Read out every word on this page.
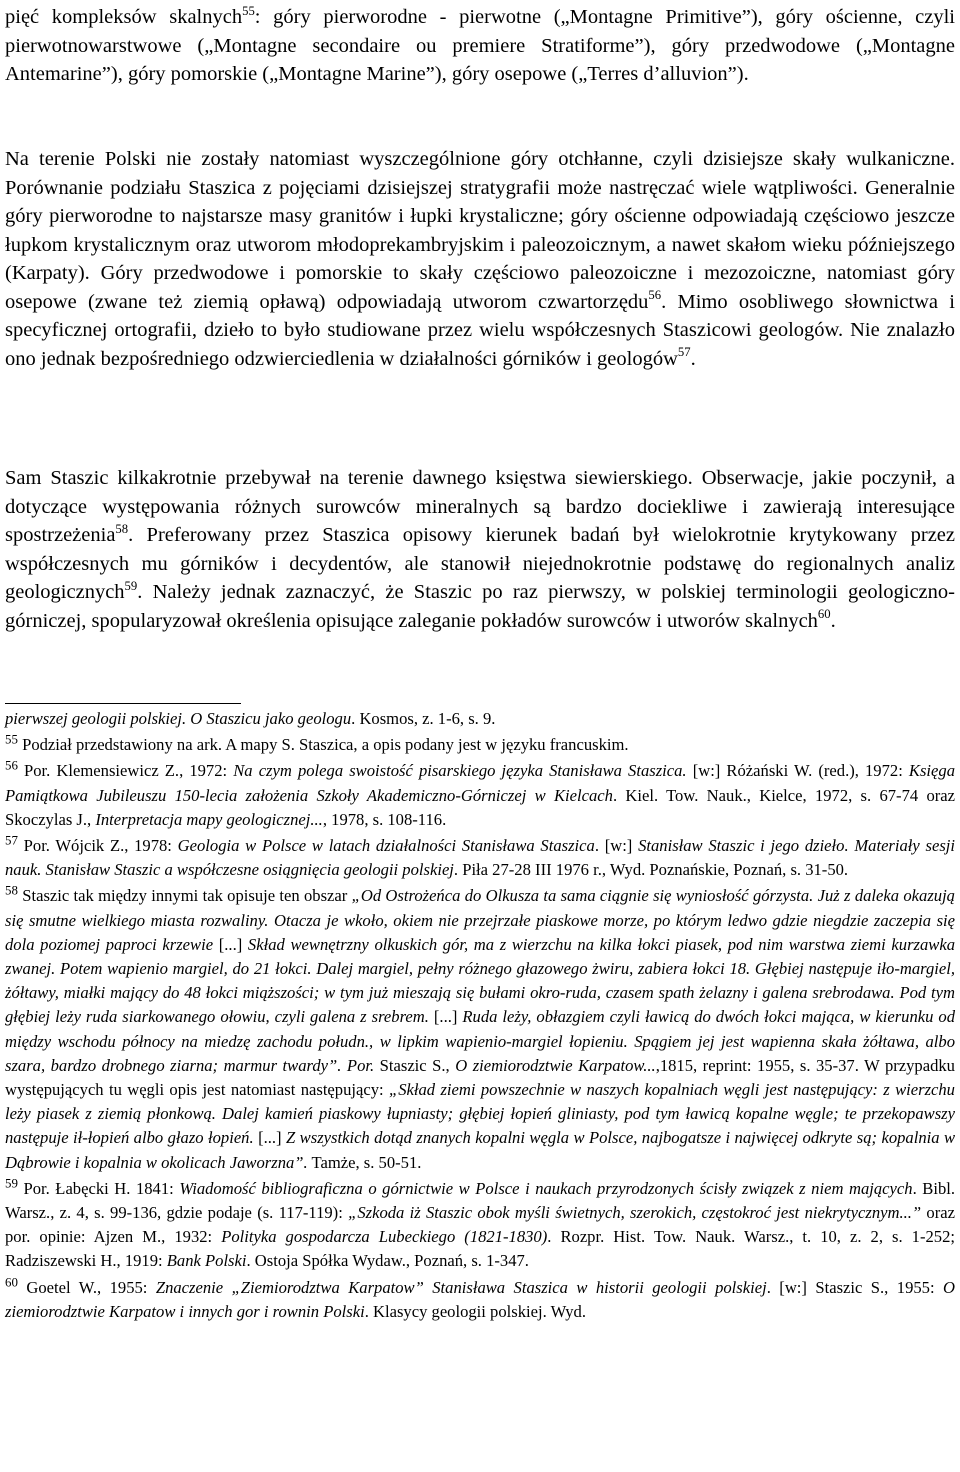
pięć kompleksów skalnych$^{55}$: góry pierworodne - pierwotne („Montagne Primitive”), góry ościenne, czyli pierwotnowarstwowe („Montagne secondaire ou premiere Stratiforme”), góry przedwodowe („Montagne Antemarine”), góry pomorskie („Montagne Marine”), góry osepowe („Terres d’alluvion”).

Na terenie Polski nie zostały natomiast wyszczególnione góry otchłanne, czyli dzisiejsze skały wulkaniczne. Porównanie podziału Staszica z pojęciami dzisiejszej stratygrafii może nastręczać wiele wątpliwości. Generalnie góry pierworodne to najstarsze masy granitów i łupki krystaliczne; góry ościenne odpowiadają częściowo jeszcze łupkom krystalicznym oraz utworom młodoprekambryjskim i paleozoicznym, a nawet skałom wieku późniejszego (Karpaty). Góry przedwodowe i pomorskie to skały częściowo paleozoiczne i mezozoiczne, natomiast góry osepowe (zwane też ziemią opławą) odpowiadają utworom czwartorzędu$^{56}$. Mimo osobliwego słownictwa i specyficznej ortografii, dzieło to było studiowane przez wielu współczesnych Staszicowi geologów. Nie znalazło ono jednak bezpośredniego odzwierciedlenia w działalności górników i geologów$^{57}$.

Sam Staszic kilkakrotnie przebywał na terenie dawnego księstwa siewierskiego. Obserwacje, jakie poczynił, a dotyczące występowania różnych surowców mineralnych są bardzo dociekliwe i zawierają interesujące spostrzeżenia$^{58}$. Preferowany przez Staszica opisowy kierunek badań był wielokrotnie krytykowany przez współczesnych mu górników i decydentów, ale stanowił niejednokrotnie podstawę do regionalnych analiz geologicznych$^{59}$. Należy jednak zaznaczyć, że Staszic po raz pierwszy, w polskiej terminologii geologiczno-górniczej, spopularyzował określenia opisujące zaleganie pokładów surowców i utworów skalnych$^{60}$.

pierwszej geologii polskiej. O Staszicu jako geologu. Kosmos, z. 1-6, s. 9.

$^{55}$ Podział przedstawiony na ark. A mapy S. Staszica, a opis podany jest w języku francuskim.

$^{56}$ Por. Klemensiewicz Z., 1972: Na czym polega swoistość pisarskiego języka Stanisława Staszica. [w:] Różański W. (red.), 1972: Księga Pamiątkowa Jubileuszu 150-lecia założenia Szkoły Akademiczno-Górniczej w Kielcach. Kiel. Tow. Nauk., Kielce, 1972, s. 67-74 oraz Skoczylas J., Interpretacja mapy geologicznej..., 1978, s. 108-116.

$^{57}$ Por. Wójcik Z., 1978: Geologia w Polsce w latach działalności Stanisława Staszica. [w:] Stanisław Staszic i jego dzieło. Materiały sesji nauk. Stanisław Staszic a współczesne osiągnięcia geologii polskiej. Piła 27-28 III 1976 r., Wyd. Poznańskie, Poznań, s. 31-50.

$^{58}$ Staszic tak między innymi tak opisuje ten obszar „Od Ostrożeńca do Olkusza ta sama ciągnie się wyniosłość górzysta. Już z daleka okazują się smutne wielkiego miasta rozwaliny. Otacza je wkoło, okiem nie przejrzałe piaskowe morze, po którym ledwo gdzie niegdzie zaczepia się dola poziomej paproci krzewie [...] Skład wewnętrzny olkuskich gór, ma z wierzchu na kilka łokci piasek, pod nim warstwa ziemi kurzawka zwanej. Potem wapienio margiel, do 21 łokci. Dalej margiel, pełny różnego głazowego żwiru, zabiera łokci 18. Głębiej następuje iło-margiel, żółtawy, miałki mający do 48 łokci miąższości; w tym już mieszają się bułami okro-ruda, czasem spath żelazny i galena srebrodawa. Pod tym głębiej leży ruda siarkowanego ołowiu, czyli galena z srebrem. [...] Ruda leży, obłazgiem czyli ławicą do dwóch łokci mająca, w kierunku od między wschodu północy na miedzę zachodu połudn., w lipkim wapienio-margiel łopieniu. Spągiem jej jest wapienna skała żółtawa, albo szara, bardzo drobnego ziarna; marmur twardy”. Por. Staszic S., O ziemiorodztwie Karpatow...,1815, reprint: 1955, s. 35-37. W przypadku występujących tu węgli opis jest natomiast następujący: „Skład ziemi powszechnie w naszych kopalniach węgli jest następujący: z wierzchu leży piasek z ziemią płonkową. Dalej kamień piaskowy łupniasty; głębiej łopień gliniasty, pod tym ławicą kopalne węgle; te przekopawszy następuje ił-łopień albo głazo łopień. [...] Z wszystkich dotąd znanych kopalni węgla w Polsce, najbogatsze i najwięcej odkryte są; kopalnia w Dąbrowie i kopalnia w okolicach Jaworzna”. Tamże, s. 50-51.

$^{59}$ Por. Łabęcki H. 1841: Wiadomość bibliograficzna o górnictwie w Polsce i naukach przyrodzonych ścisły związek z niem mających. Bibl. Warsz., z. 4, s. 99-136, gdzie podaje (s. 117-119): „Szkoda iż Staszic obok myśli świetnych, szerokich, częstokroć jest niekrytycznym...” oraz por. opinie: Ajzen M., 1932: Polityka gospodarcza Lubeckiego (1821-1830). Rozpr. Hist. Tow. Nauk. Warsz., t. 10, z. 2, s. 1-252; Radziszewski H., 1919: Bank Polski. Ostoja Spółka Wydaw., Poznań, s. 1-347.

$^{60}$ Goetel W., 1955: Znaczenie „Ziemiorodztwa Karpatow” Stanisława Staszica w historii geologii polskiej. [w:] Staszic S., 1955: O ziemiorodztwie Karpatow i innych gor i rownin Polski. Klasycy geologii polskiej. Wyd.
